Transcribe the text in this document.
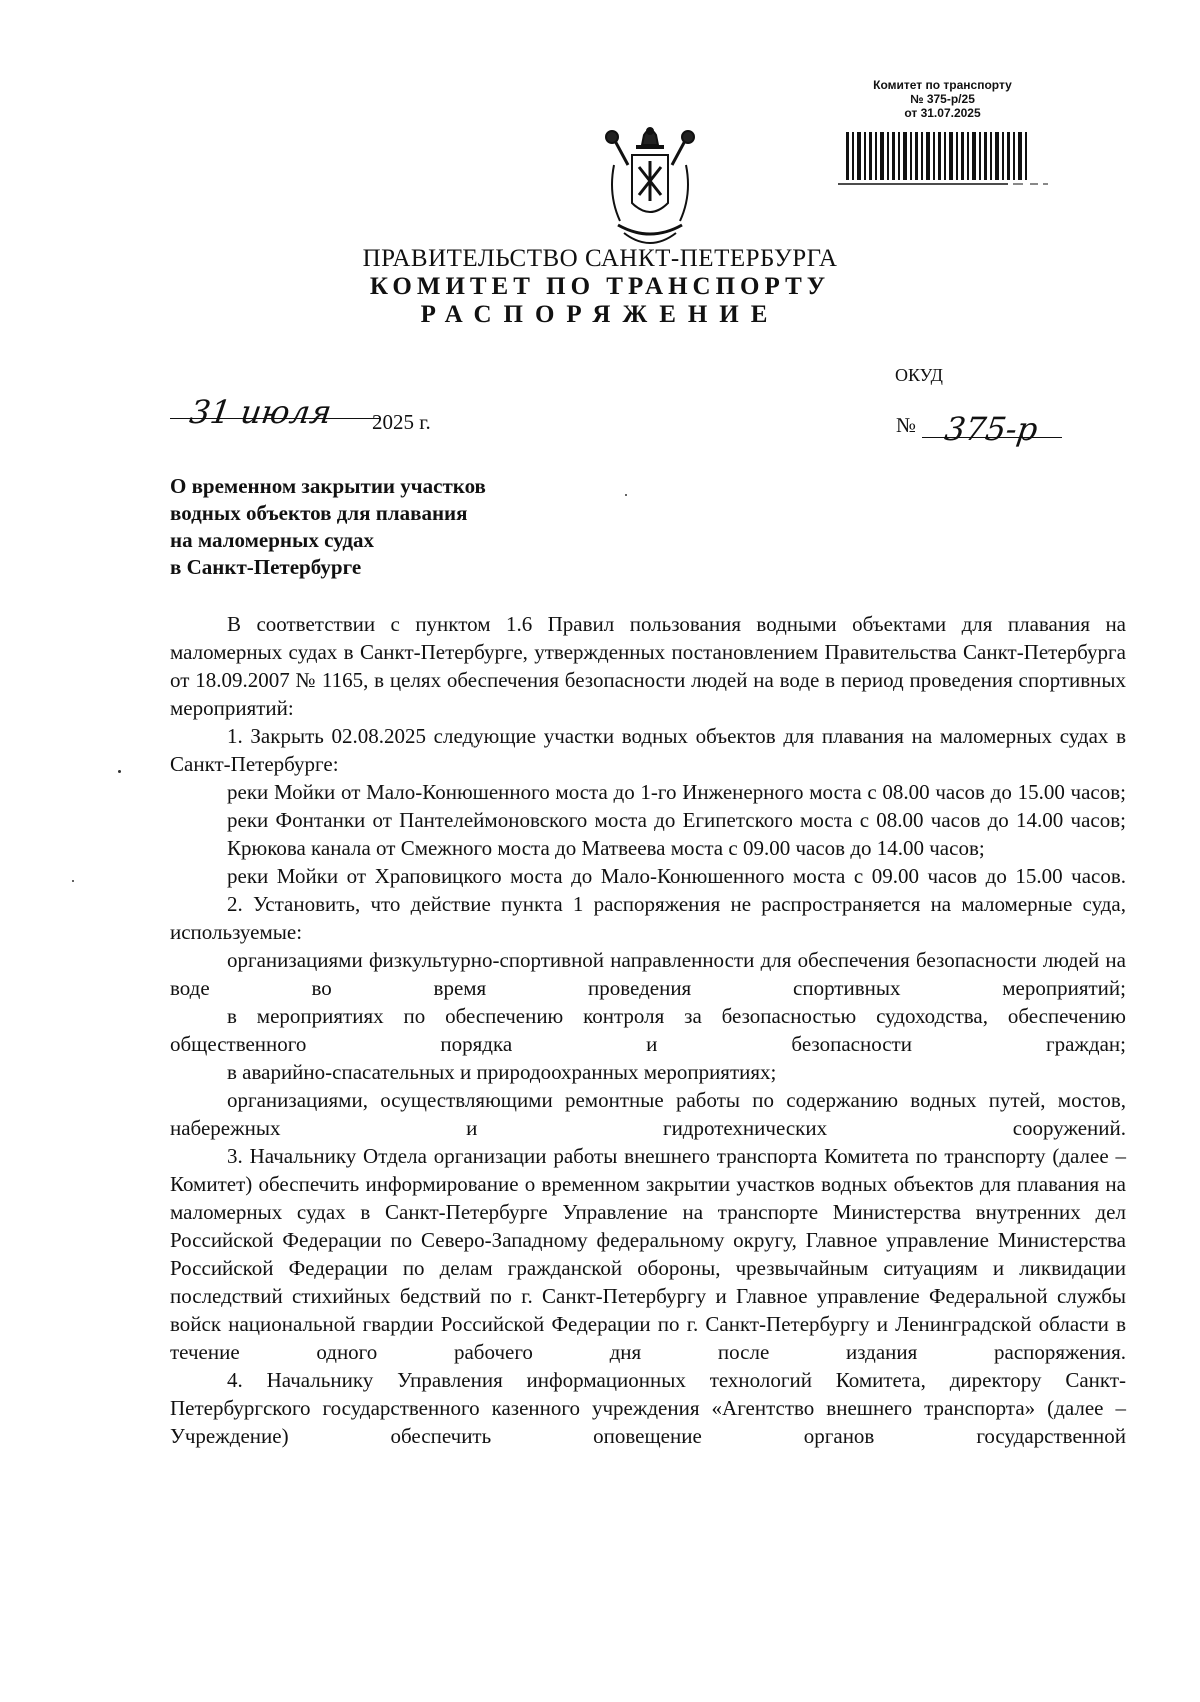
Комитет по транспорту
№ 375-р/25
от 31.07.2025
ПРАВИТЕЛЬСТВО САНКТ-ПЕТЕРБУРГА
КОМИТЕТ ПО ТРАНСПОРТУ
РАСПОРЯЖЕНИЕ
ОКУД
31 июля 2025 г.	№ 375-р
О временном закрытии участков
водных объектов для плавания
на маломерных судах
в Санкт-Петербурге

В соответствии с пунктом 1.6 Правил пользования водными объектами для плавания на маломерных судах в Санкт-Петербурге, утвержденных постановлением Правительства Санкт-Петербурга от 18.09.2007 № 1165, в целях обеспечения безопасности людей на воде в период проведения спортивных мероприятий:

1. Закрыть 02.08.2025 следующие участки водных объектов для плавания на маломерных судах в Санкт-Петербурге:

реки Мойки от Мало-Конюшенного моста до 1-го Инженерного моста с 08.00 часов до 15.00 часов;

реки Фонтанки от Пантелеймоновского моста до Египетского моста с 08.00 часов до 14.00 часов;

Крюкова канала от Смежного моста до Матвеева моста с 09.00 часов до 14.00 часов;

реки Мойки от Храповицкого моста до Мало-Конюшенного моста с 09.00 часов до 15.00 часов.

2. Установить, что действие пункта 1 распоряжения не распространяется на маломерные суда, используемые:

организациями физкультурно-спортивной направленности для обеспечения безопасности людей на воде во время проведения спортивных мероприятий;

в мероприятиях по обеспечению контроля за безопасностью судоходства, обеспечению общественного порядка и безопасности граждан;

в аварийно-спасательных и природоохранных мероприятиях;

организациями, осуществляющими ремонтные работы по содержанию водных путей, мостов, набережных и гидротехнических сооружений.

3. Начальнику Отдела организации работы внешнего транспорта Комитета по транспорту (далее – Комитет) обеспечить информирование о временном закрытии участков водных объектов для плавания на маломерных судах в Санкт-Петербурге Управление на транспорте Министерства внутренних дел Российской Федерации по Северо-Западному федеральному округу, Главное управление Министерства Российской Федерации по делам гражданской обороны, чрезвычайным ситуациям и ликвидации последствий стихийных бедствий по г. Санкт-Петербургу и Главное управление Федеральной службы войск национальной гвардии Российской Федерации по г. Санкт-Петербургу и Ленинградской области в течение одного рабочего дня после издания распоряжения.

4. Начальнику Управления информационных технологий Комитета, директору Санкт-Петербургского государственного казенного учреждения «Агентство внешнего транспорта» (далее – Учреждение) обеспечить оповещение органов государственной
